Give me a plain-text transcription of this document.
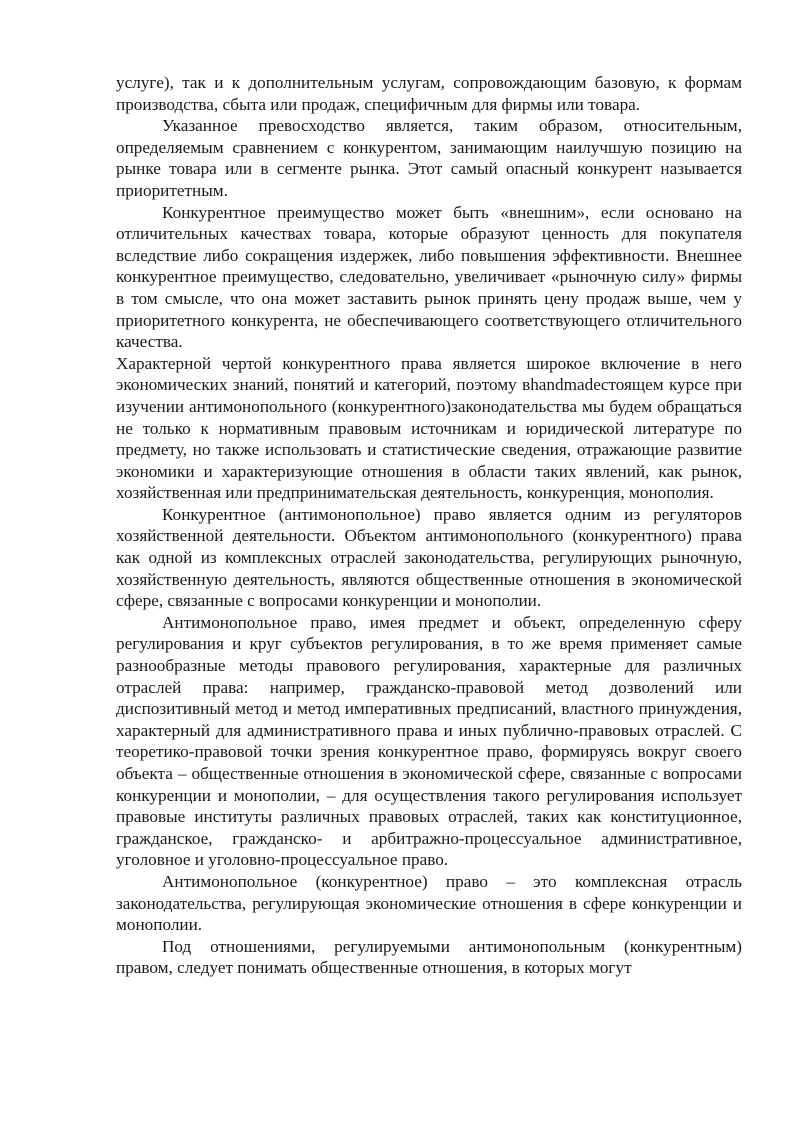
услуге), так и к дополнительным услугам, сопровождающим базовую, к формам производства, сбыта или продаж, специфичным для фирмы или товара.

Указанное превосходство является, таким образом, относительным, определяемым сравнением с конкурентом, занимающим наилучшую позицию на рынке товара или в сегменте рынка. Этот самый опасный конкурент называется приоритетным.

Конкурентное преимущество может быть «внешним», если основано на отличительных качествах товара, которые образуют ценность для покупателя вследствие либо сокращения издержек, либо повышения эффективности. Внешнее конкурентное преимущество, следовательно, увеличивает «рыночную силу» фирмы в том смысле, что она может заставить рынок принять цену продаж выше, чем у приоритетного конкурента, не обеспечивающего соответствующего отличительного качества.

Характерной чертой конкурентного права является широкое включение в него экономических знаний, понятий и категорий, поэтому вhandmadeстоящем курсе при изучении антимонопольного (конкурентного)законодательства мы будем обращаться не только к нормативным правовым источникам и юридической литературе по предмету, но также использовать и статистические сведения, отражающие развитие экономики и характеризующие отношения в области таких явлений, как рынок, хозяйственная или предпринимательская деятельность, конкуренция, монополия.

Конкурентное (антимонопольное) право является одним из регуляторов хозяйственной деятельности. Объектом антимонопольного (конкурентного) права как одной из комплексных отраслей законодательства, регулирующих рыночную, хозяйственную деятельность, являются общественные отношения в экономической сфере, связанные с вопросами конкуренции и монополии.

Антимонопольное право, имея предмет и объект, определенную сферу регулирования и круг субъектов регулирования, в то же время применяет самые разнообразные методы правового регулирования, характерные для различных отраслей права: например, гражданско-правовой метод дозволений или диспозитивный метод и метод императивных предписаний, властного принуждения, характерный для административного права и иных публично-правовых отраслей. С теоретико-правовой точки зрения конкурентное право, формируясь вокруг своего объекта – общественные отношения в экономической сфере, связанные с вопросами конкуренции и монополии, – для осуществления такого регулирования использует правовые институты различных правовых отраслей, таких как конституционное, гражданское, гражданско- и арбитражно-процессуальное административное, уголовное и уголовно-процессуальное право.

Антимонопольное (конкурентное) право – это комплексная отрасль законодательства, регулирующая экономические отношения в сфере конкуренции и монополии.

Под отношениями, регулируемыми антимонопольным (конкурентным) правом, следует понимать общественные отношения, в которых могут
